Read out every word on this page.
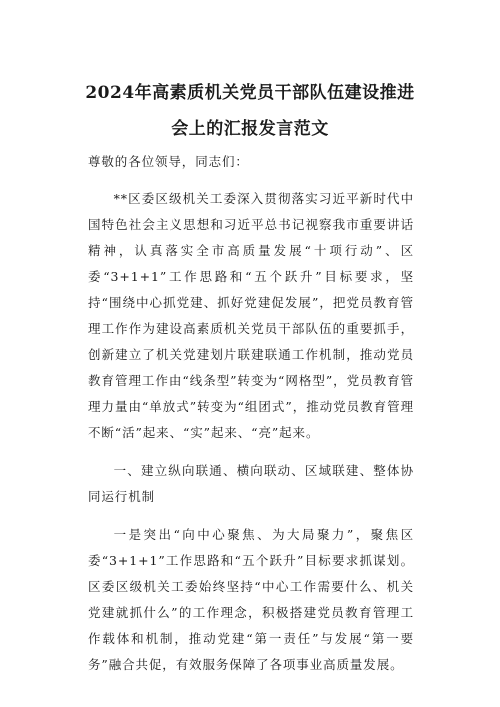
2024年高素质机关党员干部队伍建设推进
会上的汇报发言范文

尊敬的各位领导，同志们：

**区委区级机关工委深入贯彻落实习近平新时代中国特色社会主义思想和习近平总书记视察我市重要讲话精神，认真落实全市高质量发展“十项行动”、区委“3+1+1”工作思路和“五个跃升”目标要求，坚持“围绕中心抓党建、抓好党建促发展”，把党员教育管理工作作为建设高素质机关党员干部队伍的重要抓手，创新建立了机关党建划片联建联通工作机制，推动党员教育管理工作由“线条型”转变为“网格型”，党员教育管理力量由“单放式”转变为“组团式”，推动党员教育管理不断“活”起来、“实”起来、“亮”起来。

一、建立纵向联通、横向联动、区域联建、整体协同运行机制

一是突出“向中心聚焦、为大局聚力”，聚焦区委“3+1+1”工作思路和“五个跃升”目标要求抓谋划。区委区级机关工委始终坚持“中心工作需要什么、机关党建就抓什么”的工作理念，积极搭建党员教育管理工作载体和机制，推动党建“第一责任”与发展“第一要务”融合共促，有效服务保障了各项事业高质量发展。
